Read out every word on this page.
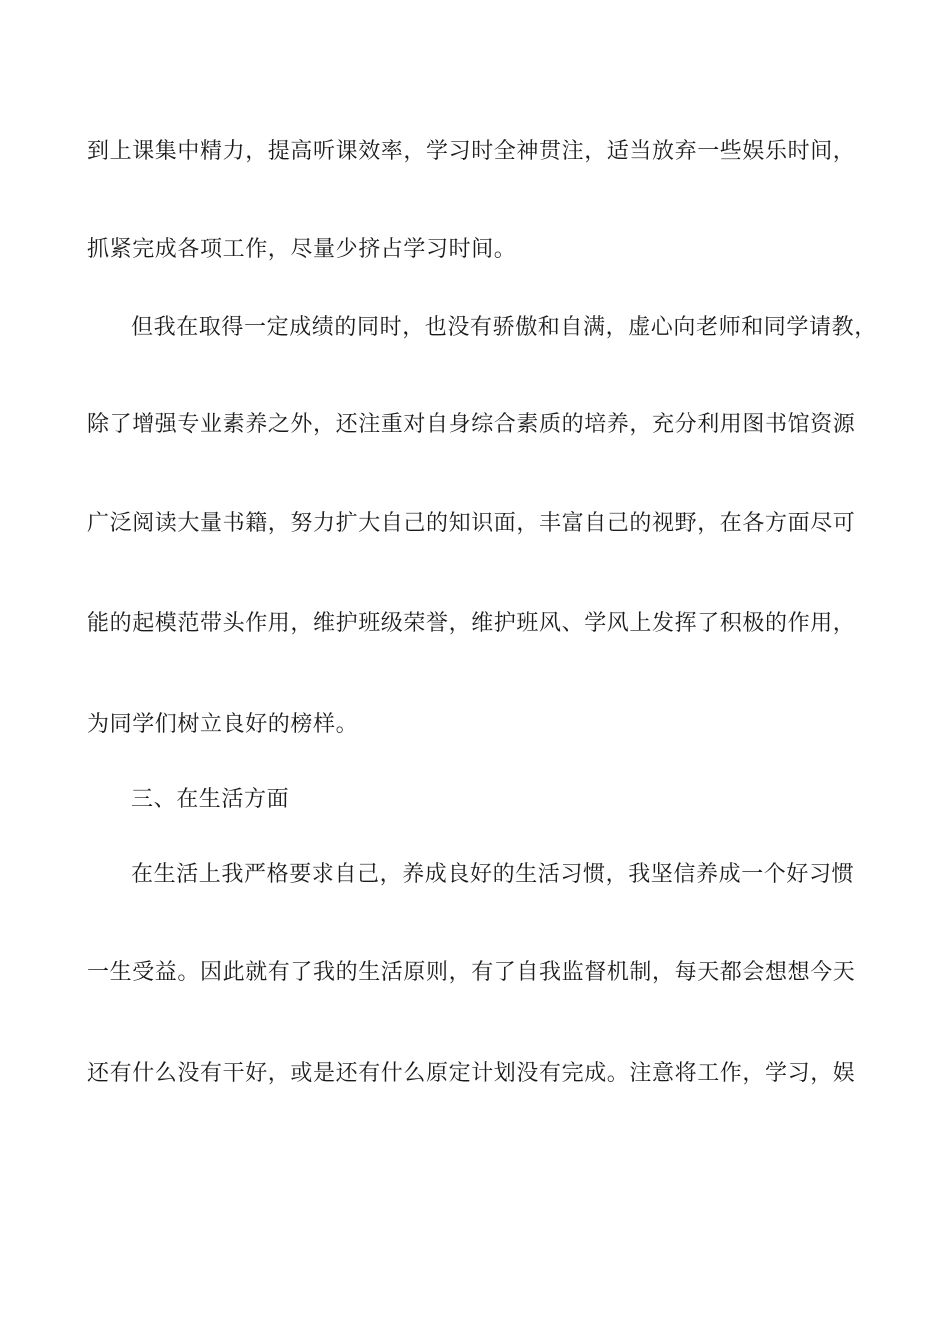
到上课集中精力，提高听课效率，学习时全神贯注，适当放弃一些娱乐时间，
抓紧完成各项工作，尽量少挤占学习时间。
但我在取得一定成绩的同时，也没有骄傲和自满，虚心向老师和同学请教，
除了增强专业素养之外，还注重对自身综合素质的培养，充分利用图书馆资源
广泛阅读大量书籍，努力扩大自己的知识面，丰富自己的视野，在各方面尽可
能的起模范带头作用，维护班级荣誉，维护班风、学风上发挥了积极的作用，
为同学们树立良好的榜样。
三、在生活方面
在生活上我严格要求自己，养成良好的生活习惯，我坚信养成一个好习惯
一生受益。因此就有了我的生活原则，有了自我监督机制，每天都会想想今天
还有什么没有干好，或是还有什么原定计划没有完成。注意将工作，学习，娱
